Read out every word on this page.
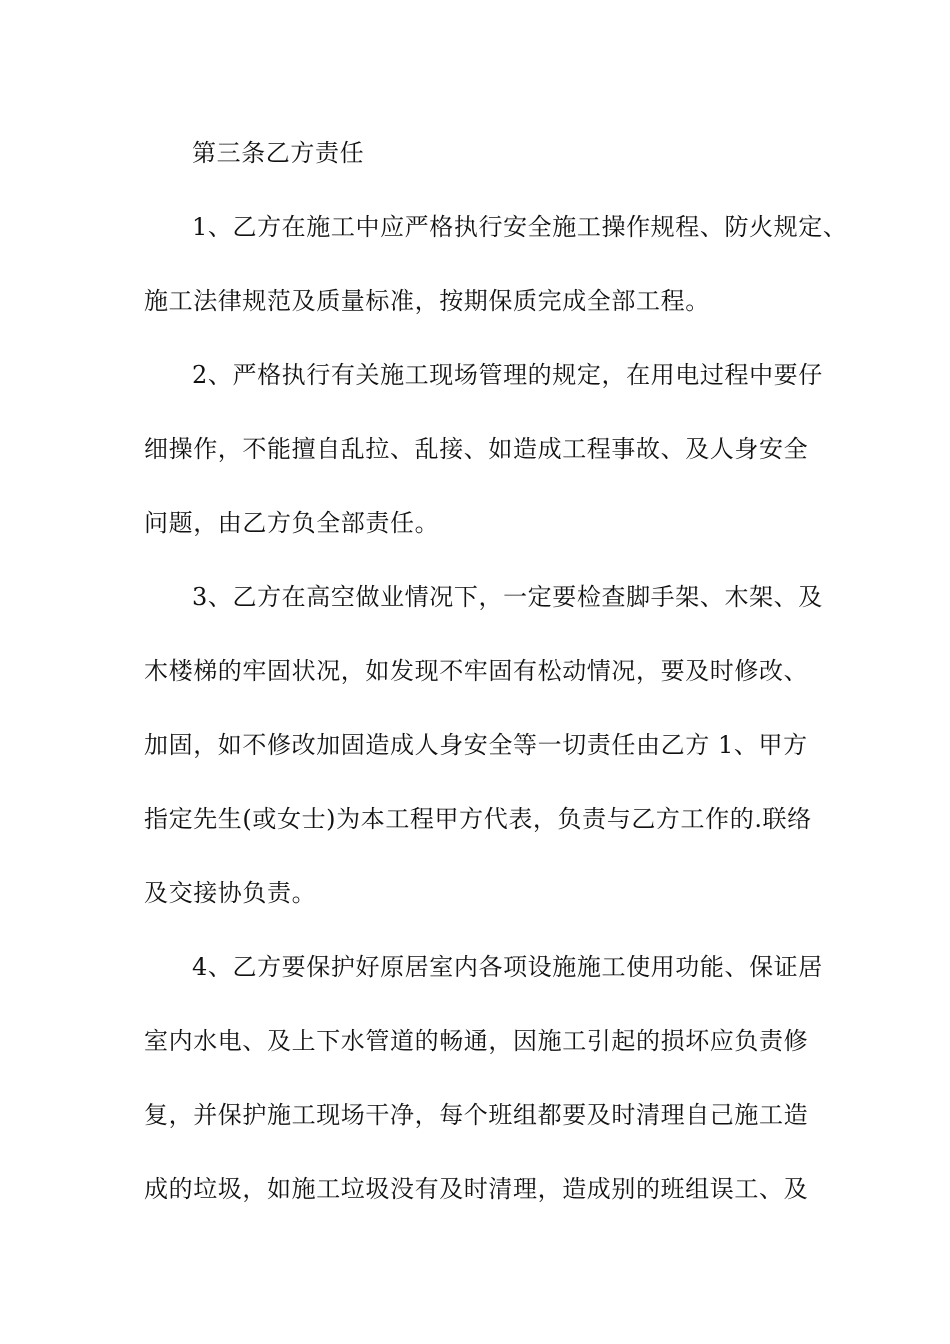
第三条乙方责任
1、乙方在施工中应严格执行安全施工操作规程、防火规定、
施工法律规范及质量标准，按期保质完成全部工程。
2、严格执行有关施工现场管理的规定，在用电过程中要仔
细操作，不能擅自乱拉、乱接、如造成工程事故、及人身安全
问题，由乙方负全部责任。
3、乙方在高空做业情况下，一定要检查脚手架、木架、及
木楼梯的牢固状况，如发现不牢固有松动情况，要及时修改、
加固，如不修改加固造成人身安全等一切责任由乙方 1、甲方
指定先生(或女士)为本工程甲方代表，负责与乙方工作的.联络
及交接协负责。
4、乙方要保护好原居室内各项设施施工使用功能、保证居
室内水电、及上下水管道的畅通，因施工引起的损坏应负责修
复，并保护施工现场干净，每个班组都要及时清理自己施工造
成的垃圾，如施工垃圾没有及时清理，造成别的班组误工、及
